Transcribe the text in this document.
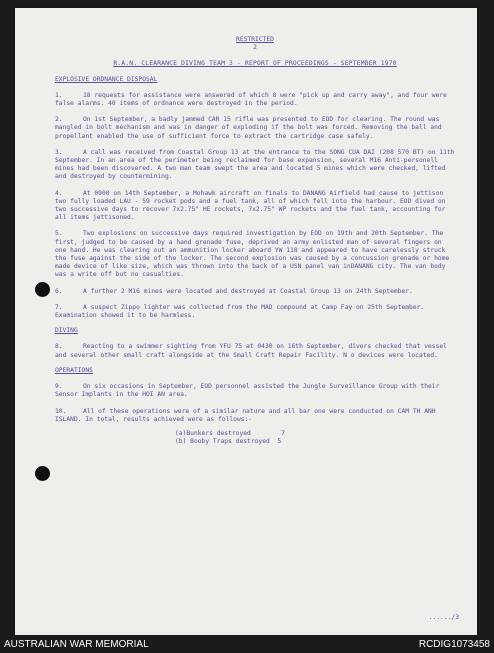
RESTRICTED
2
R.A.N. CLEARANCE DIVING TEAM 3 - REPORT OF PROCEEDINGS - SEPTEMBER 1970
EXPLOSIVE ORDNANCE DISPOSAL

1.	18 requests for assistance were answered of which 8 were "pick up and carry away", and four were false alarms. 40 items of ordnance were destroyed in the period.

2.	On 1st September, a badly jammed CAR 15 rifle was presented to EOD for clearing. The round was mangled in bolt mechanism and was in danger of exploding if the bolt was forced. Removing the ball and propellant enabled the use of sufficient force to extract the cartridge case safely.

3.	A call was received from Coastal Group 13 at the entrance to the SONG CUA DAI (208 570 BT) on 11th September. In an area of the perimeter being reclaimed for base expansion, several M16 Anti-personell mines had been discovered. A two man team swept the area and located 5 mines which were checked, lifted and destroyed by countermining.

4.	At 0900 on 14th September, a Mohawk aircraft on finals to DANANG Airfield had cause to jettison two fully loaded LAU - 59 rocket pods and a fuel tank, all of which fell into the harbour. EOD dived on two successive days to recover 7x2.75" HE rockets, 7x2.75" WP rockets and the fuel tank, accounting for all items jettisoned.

5.	Two explosions on successive days required investigation by EOD on 19th and 20th September. The first, judged to be caused by a hand grenade fuse, deprived an army enlisted man of several fingers on one hand. He was clearing out an ammunition locker aboard YW 118 and appeared to have carelessly struck the fuse against the side of the locker. The second explosion was caused by a concussion grenade or home made device of like size, which was thrown into the back of a USN panel van inDANANG city. The van body was a write off but no casualties.

6.	A further 2 M16 mines were located and destroyed at Coastal Group 13 on 24th September.

7.	A suspect Zippo lighter was collected from the MAD compound at Camp Fay on 25th September. Examination showed it to be harmless.

DIVING

8.	Reacting to a swimmer sighting from YFU 75 at 0430 on 16th September, divers checked that vessel and several other small craft alongside at the Small Craft Repair Facility. N o devices were located.

OPERATIONS

9.	On six occasions in September, EOD personnel assisted the Jungle Surveillance Group with their Sensor Implants in the HOI AN area.

10.	All of these operations were of a similar nature and all bar one were conducted on CAM TH ANH ISLAND. In total, results achieved were as follows:-

(a)Bunkers destroyed	7
(b) Booby Traps destroyed 5
....../3
AUSTRALIAN WAR MEMORIAL	RCDIG1073458
